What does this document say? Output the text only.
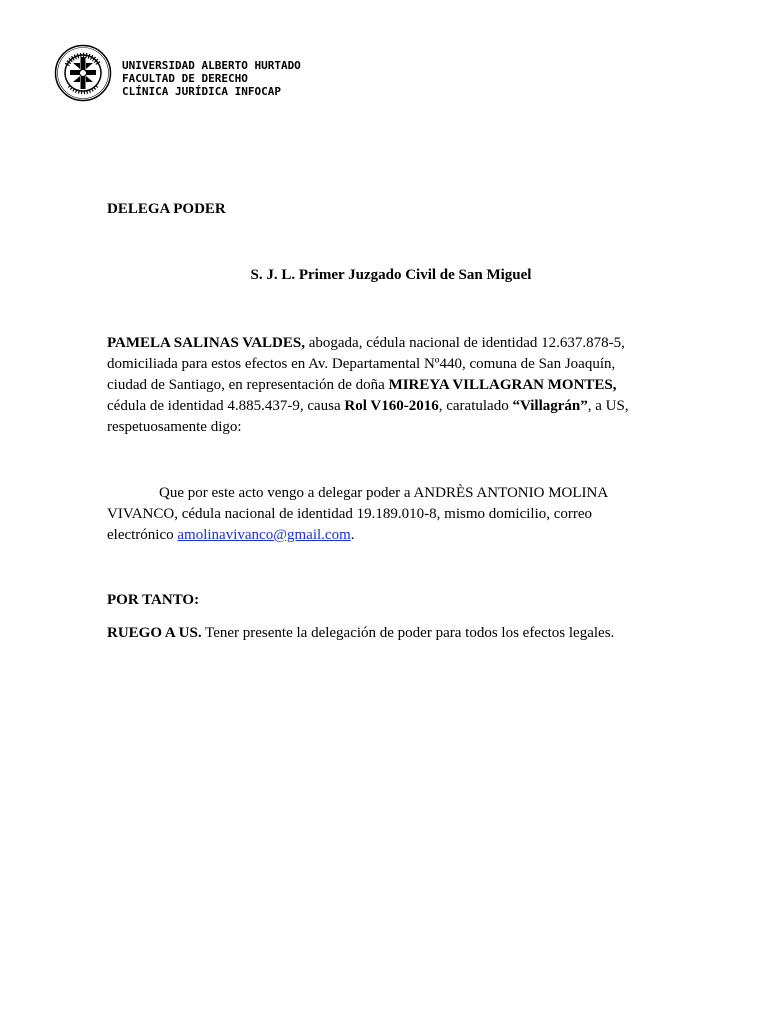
UNIVERSIDAD ALBERTO HURTADO
FACULTAD DE DERECHO
CLÍNICA JURÍDICA INFOCAP
DELEGA PODER
S. J. L. Primer Juzgado Civil de San Miguel
PAMELA SALINAS VALDES, abogada, cédula nacional de identidad 12.637.878-5, domiciliada para estos efectos en Av. Departamental Nº440, comuna de San Joaquín, ciudad de Santiago, en representación de doña MIREYA VILLAGRAN MONTES, cédula de identidad 4.885.437-9, causa Rol V160-2016, caratulado “Villagrán”, a US, respetuosamente digo:
Que por este acto vengo a delegar poder a ANDRÈS ANTONIO MOLINA VIVANCO, cédula nacional de identidad 19.189.010-8, mismo domicilio, correo electrónico amolinavivanco@gmail.com.
POR TANTO:
RUEGO A US. Tener presente la delegación de poder para todos los efectos legales.
